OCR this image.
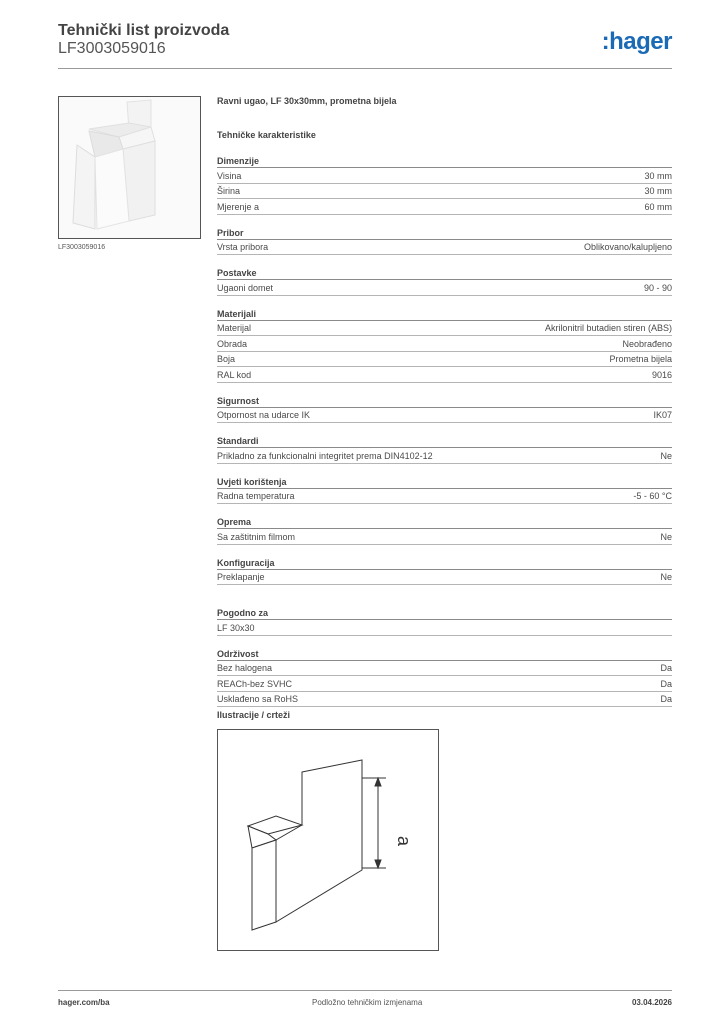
Tehnički list proizvoda
LF3003059016	:hager
LF3003059016
Ravni ugao, LF 30x30mm, prometna bijela
Tehničke karakteristike
Dimenzije
Visina	30 mm
Širina	30 mm
Mjerenje a	60 mm
Pribor
Vrsta pribora	Oblikovano/kalupljeno
Postavke
Ugaoni domet	90 - 90
Materijali
Materijal	Akrilonitril butadien stiren (ABS)
Obrada	Neobrađeno
Boja	Prometna bijela
RAL kod	9016
Sigurnost
Otpornost na udarce IK	IK07
Standardi
Prikladno za funkcionalni integritet prema DIN4102-12	Ne
Uvjeti korištenja
Radna temperatura	-5 - 60 °C
Oprema
Sa zaštitnim filmom	Ne
Konfiguracija
Preklapanje	Ne
Pogodno za
LF 30x30
Održivost
Bez halogena	Da
REACh-bez SVHC	Da
Usklađeno sa RoHS	Da
Ilustracije / crteži
a
hager.com/ba	Podložno tehničkim izmjenama	03.04.2026
